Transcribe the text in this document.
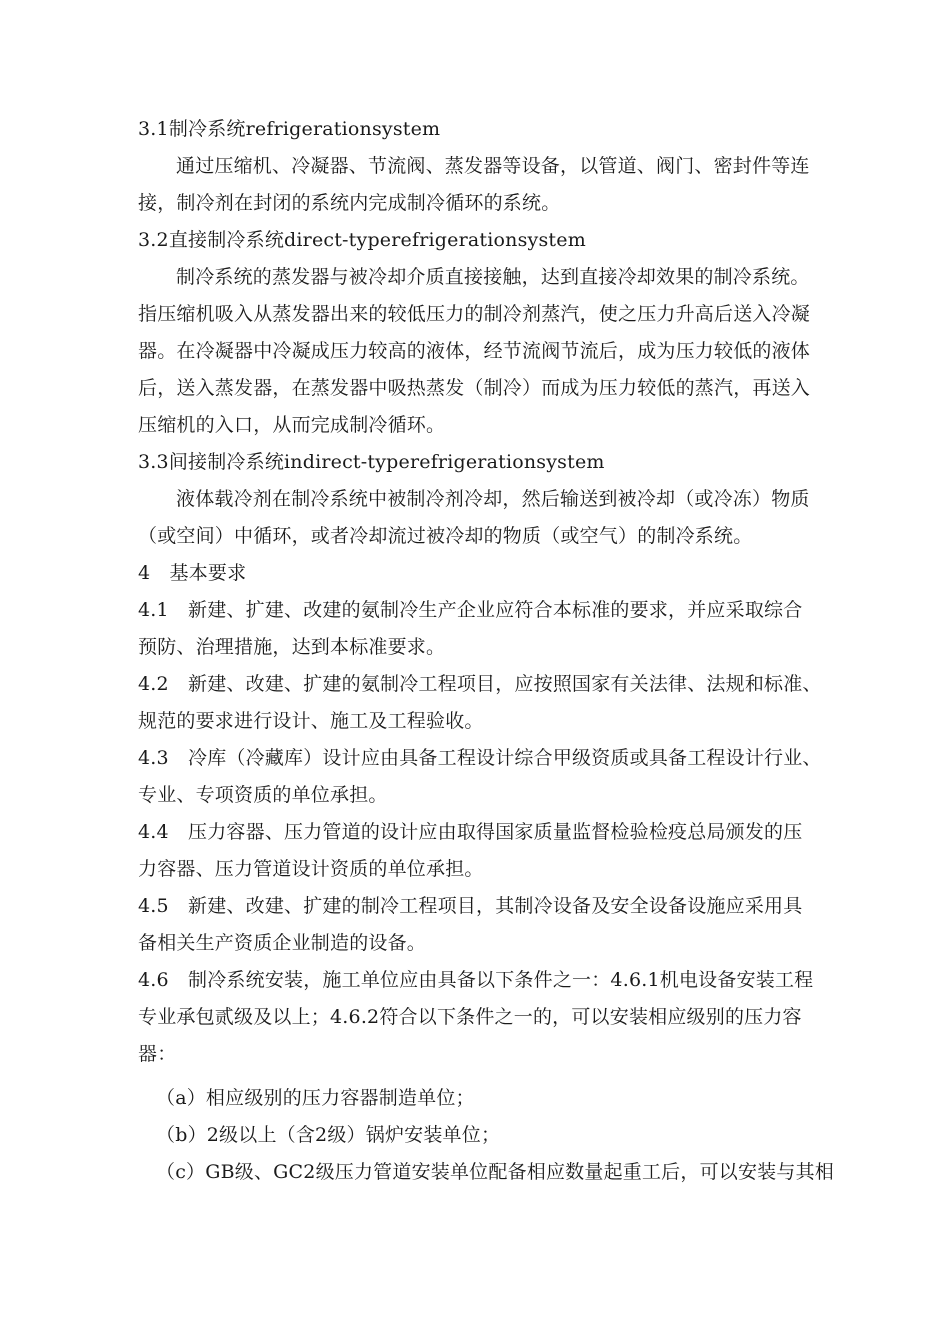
3.1制冷系统refrigerationsystem
通过压缩机、冷凝器、节流阀、蒸发器等设备，以管道、阀门、密封件等连
接，制冷剂在封闭的系统内完成制冷循环的系统。
3.2直接制冷系统direct-typerefrigerationsystem
制冷系统的蒸发器与被冷却介质直接接触，达到直接冷却效果的制冷系统。
指压缩机吸入从蒸发器出来的较低压力的制冷剂蒸汽，使之压力升高后送入冷凝
器。在冷凝器中冷凝成压力较高的液体，经节流阀节流后，成为压力较低的液体
后，送入蒸发器，在蒸发器中吸热蒸发（制冷）而成为压力较低的蒸汽，再送入
压缩机的入口，从而完成制冷循环。
3.3间接制冷系统indirect-typerefrigerationsystem
液体载冷剂在制冷系统中被制冷剂冷却，然后输送到被冷却（或冷冻）物质
（或空间）中循环，或者冷却流过被冷却的物质（或空气）的制冷系统。
4　基本要求
4.1　新建、扩建、改建的氨制冷生产企业应符合本标准的要求，并应采取综合
预防、治理措施，达到本标准要求。
4.2　新建、改建、扩建的氨制冷工程项目，应按照国家有关法律、法规和标准、
规范的要求进行设计、施工及工程验收。
4.3　冷库（冷藏库）设计应由具备工程设计综合甲级资质或具备工程设计行业、
专业、专项资质的单位承担。
4.4　压力容器、压力管道的设计应由取得国家质量监督检验检疫总局颁发的压
力容器、压力管道设计资质的单位承担。
4.5　新建、改建、扩建的制冷工程项目，其制冷设备及安全设备设施应采用具
备相关生产资质企业制造的设备。
4.6　制冷系统安装，施工单位应由具备以下条件之一：4.6.1机电设备安装工程
专业承包贰级及以上；4.6.2符合以下条件之一的，可以安装相应级别的压力容
器：
（a）相应级别的压力容器制造单位；
（b）2级以上（含2级）锅炉安装单位；
（c）GB级、GC2级压力管道安装单位配备相应数量起重工后，可以安装与其相
